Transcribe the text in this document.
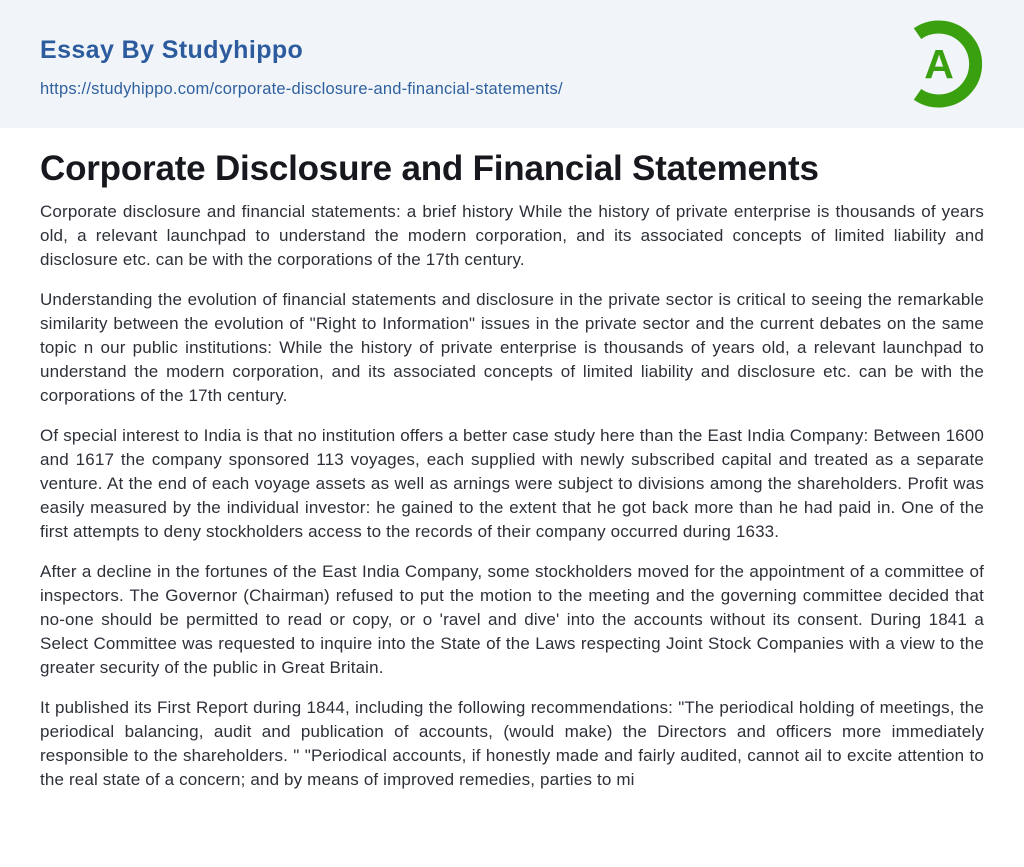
Essay By Studyhippo
https://studyhippo.com/corporate-disclosure-and-financial-statements/
A
Corporate Disclosure and Financial Statements

Corporate disclosure and financial statements: a brief history While the history of private enterprise is thousands of years old, a relevant launchpad to understand the modern corporation, and its associated concepts of limited liability and disclosure etc. can be with the corporations of the 17th century.

Understanding the evolution of financial statements and disclosure in the private sector is critical to seeing the remarkable similarity between the evolution of "Right to Information" issues in the private sector and the current debates on the same topic n our public institutions: While the history of private enterprise is thousands of years old, a relevant launchpad to understand the modern corporation, and its associated concepts of limited liability and disclosure etc. can be with the corporations of the 17th century.

Of special interest to India is that no institution offers a better case study here than the East India Company: Between 1600 and 1617 the company sponsored 113 voyages, each supplied with newly subscribed capital and treated as a separate venture. At the end of each voyage assets as well as arnings were subject to divisions among the shareholders. Profit was easily measured by the individual investor: he gained to the extent that he got back more than he had paid in. One of the first attempts to deny stockholders access to the records of their company occurred during 1633.

After a decline in the fortunes of the East India Company, some stockholders moved for the appointment of a committee of inspectors. The Governor (Chairman) refused to put the motion to the meeting and the governing committee decided that no-one should be permitted to read or copy, or o 'ravel and dive' into the accounts without its consent. During 1841 a Select Committee was requested to inquire into the State of the Laws respecting Joint Stock Companies with a view to the greater security of the public in Great Britain.

It published its First Report during 1844, including the following recommendations: "The periodical holding of meetings, the periodical balancing, audit and publication of accounts, (would make) the Directors and officers more immediately responsible to the shareholders. " "Periodical accounts, if honestly made and fairly audited, cannot ail to excite attention to the real state of a concern; and by means of improved remedies, parties to mi
